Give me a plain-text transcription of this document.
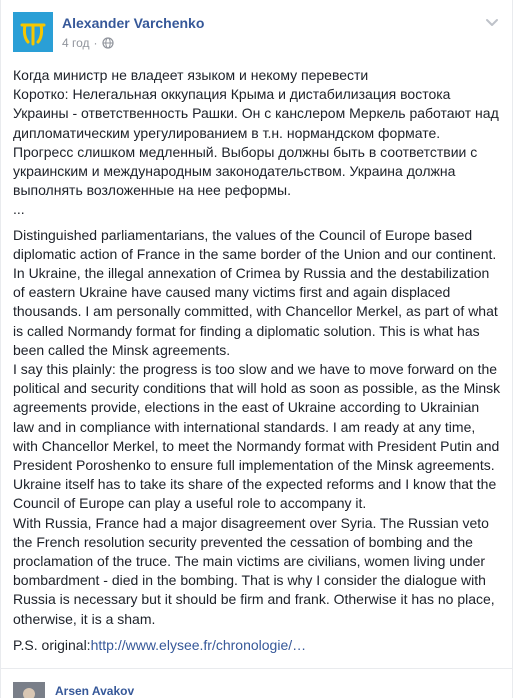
Alexander Varchenko
4 год ·

Когда министр не владеет языком и некому перевести
Коротко: Нелегальная оккупация Крыма и дистабилизация востока Украины - ответственность Рашки. Он с канслером Меркель работают над дипломатическим урегулированием в т.н. нормандском формате. Прогресс слишком медленный. Выборы должны быть в соответствии с украинским и международным законодательством. Украина должна выполнять возложенные на нее реформы.

...

Distinguished parliamentarians, the values of the Council of Europe based diplomatic action of France in the same border of the Union and our continent. In Ukraine, the illegal annexation of Crimea by Russia and the destabilization of eastern Ukraine have caused many victims first and again displaced thousands. I am personally committed, with Chancellor Merkel, as part of what is called Normandy format for finding a diplomatic solution. This is what has been called the Minsk agreements.

I say this plainly: the progress is too slow and we have to move forward on the political and security conditions that will hold as soon as possible, as the Minsk agreements provide, elections in the east of Ukraine according to Ukrainian law and in compliance with international standards. I am ready at any time, with Chancellor Merkel, to meet the Normandy format with President Putin and President Poroshenko to ensure full implementation of the Minsk agreements. Ukraine itself has to take its share of the expected reforms and I know that the Council of Europe can play a useful role to accompany it.

With Russia, France had a major disagreement over Syria. The Russian veto the French resolution security prevented the cessation of bombing and the proclamation of the truce. The main victims are civilians, women living under bombardment - died in the bombing. That is why I consider the dialogue with Russia is necessary but it should be firm and frank. Otherwise it has no place, otherwise, it is a sham.

P.S. original:http://www.elysee.fr/chronologie/…

Arsen Avakov
